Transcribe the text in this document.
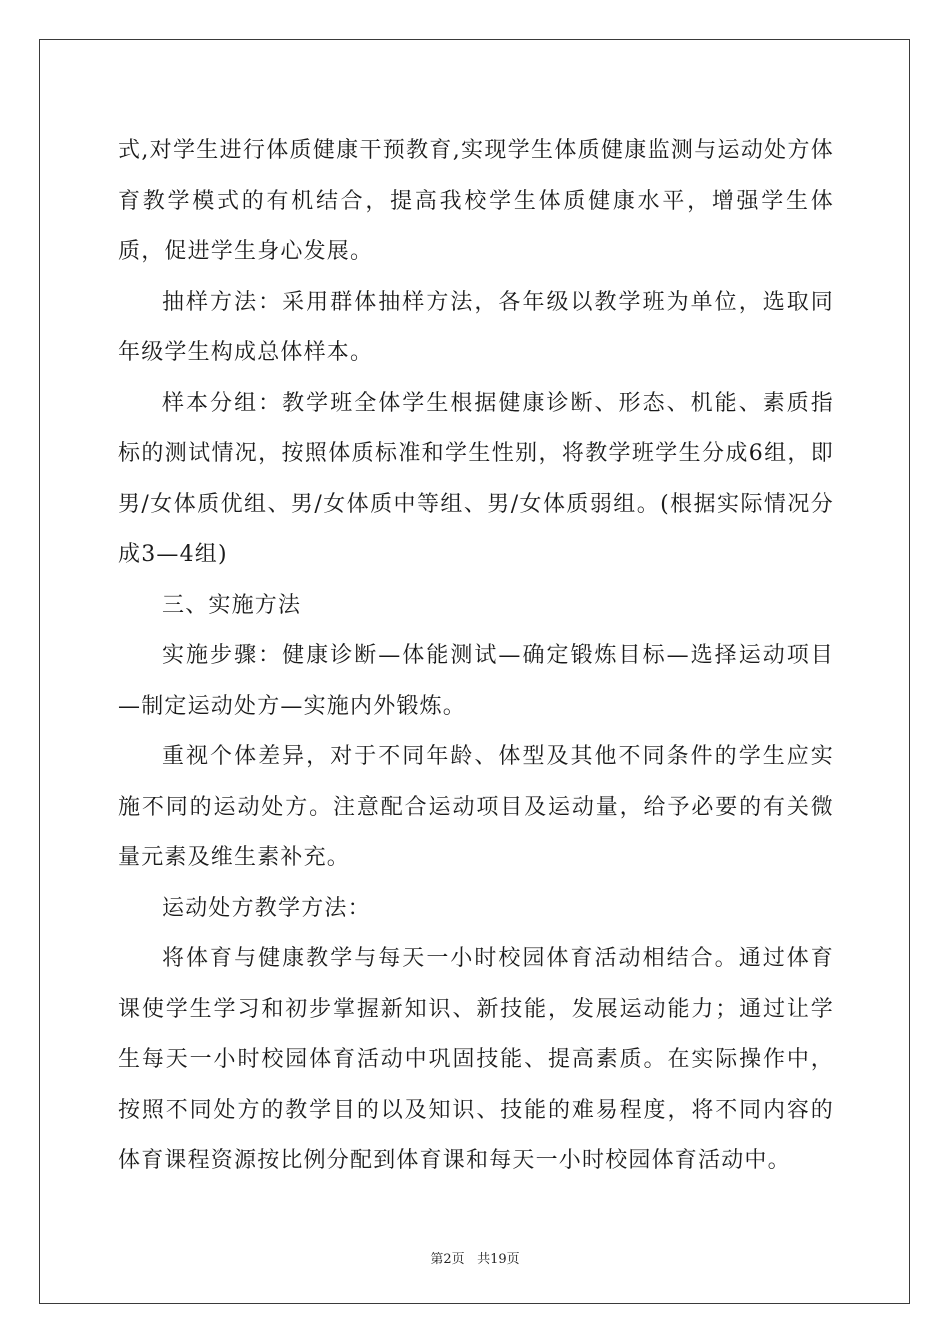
式,对学生进行体质健康干预教育,实现学生体质健康监测与运动处方体育教学模式的有机结合，提高我校学生体质健康水平，增强学生体质，促进学生身心发展。

抽样方法：采用群体抽样方法，各年级以教学班为单位，选取同年级学生构成总体样本。

样本分组：教学班全体学生根据健康诊断、形态、机能、素质指标的测试情况，按照体质标准和学生性别，将教学班学生分成6组，即男/女体质优组、男/女体质中等组、男/女体质弱组。(根据实际情况分成3—4组)

三、实施方法

实施步骤：健康诊断—体能测试—确定锻炼目标—选择运动项目—制定运动处方—实施内外锻炼。

重视个体差异，对于不同年龄、体型及其他不同条件的学生应实施不同的运动处方。注意配合运动项目及运动量，给予必要的有关微量元素及维生素补充。

运动处方教学方法：

将体育与健康教学与每天一小时校园体育活动相结合。通过体育课使学生学习和初步掌握新知识、新技能，发展运动能力；通过让学生每天一小时校园体育活动中巩固技能、提高素质。在实际操作中，按照不同处方的教学目的以及知识、技能的难易程度，将不同内容的体育课程资源按比例分配到体育课和每天一小时校园体育活动中。

第2页 共19页
